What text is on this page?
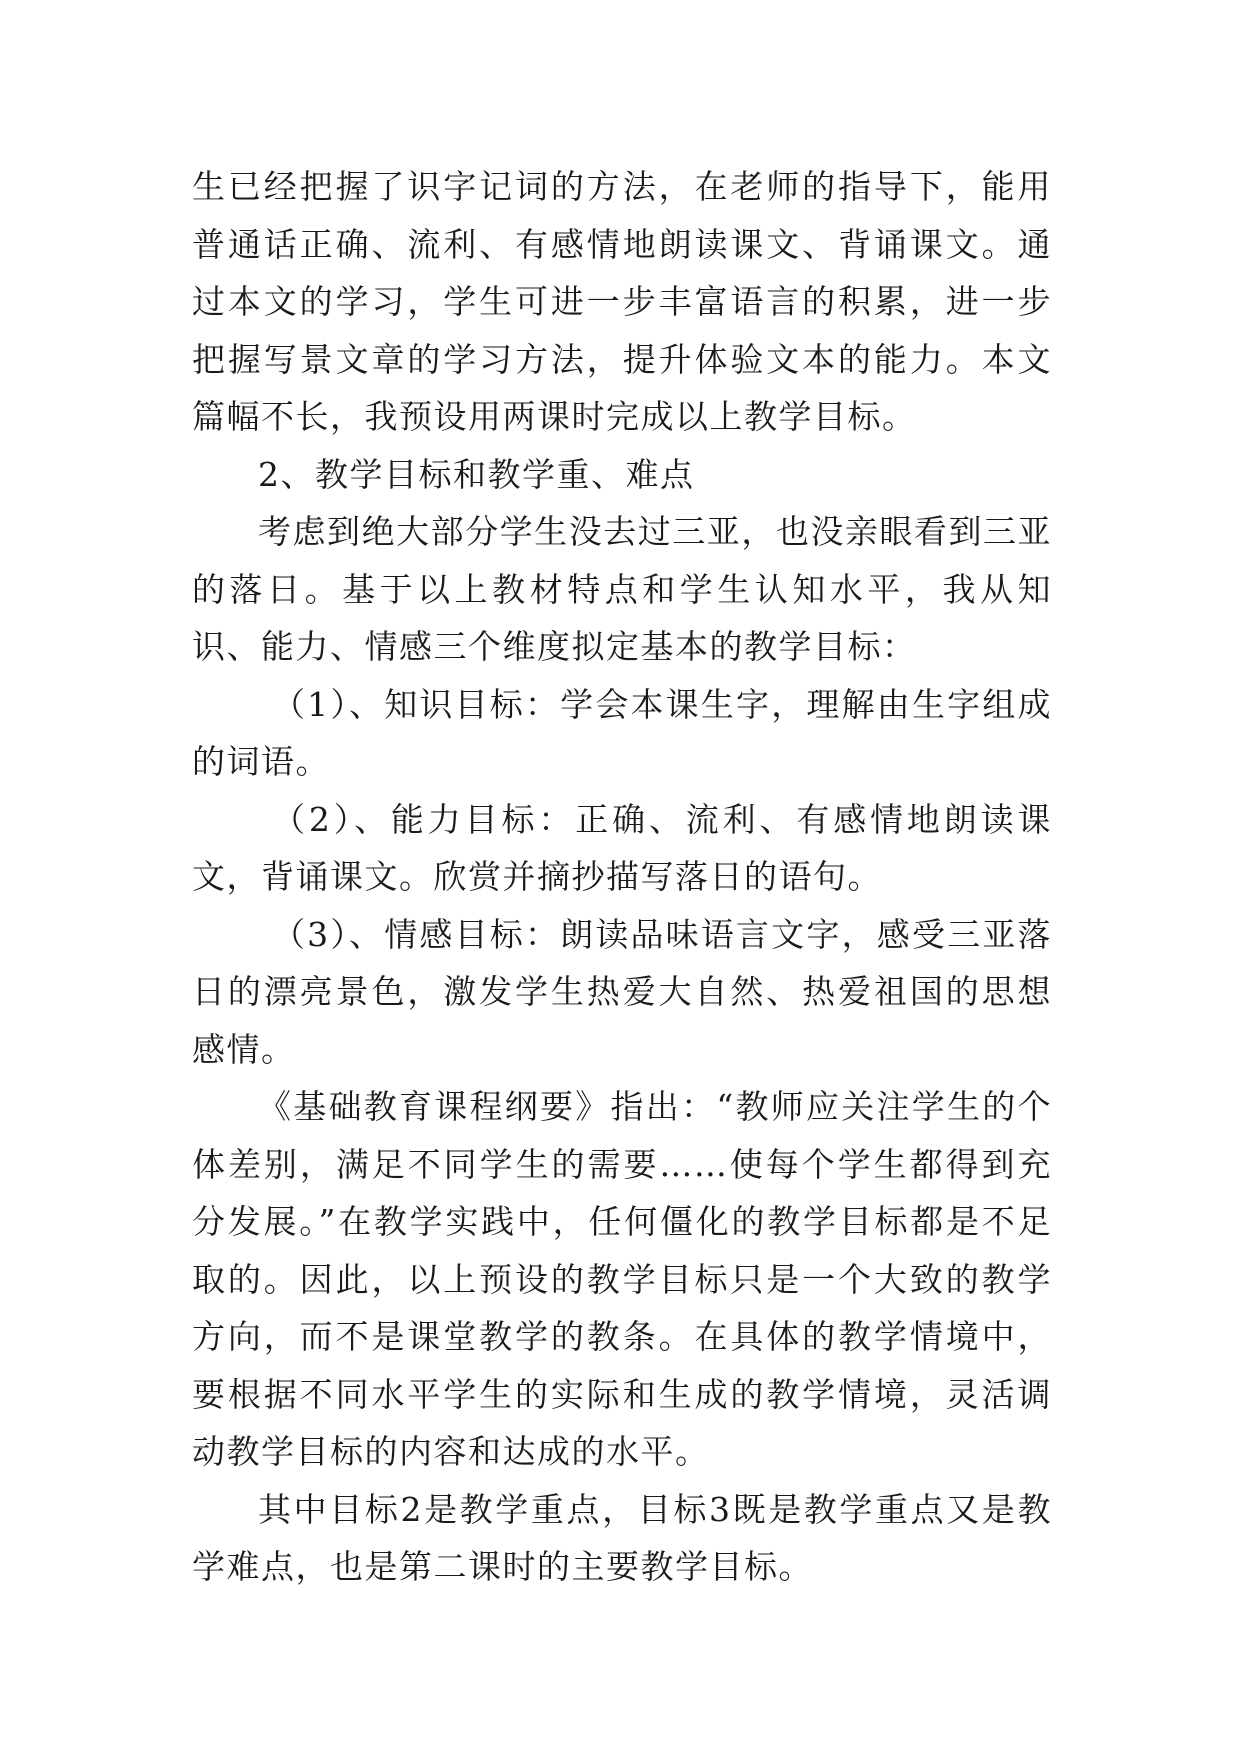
生已经把握了识字记词的方法，在老师的指导下，能用普通话正确、流利、有感情地朗读课文、背诵课文。通过本文的学习，学生可进一步丰富语言的积累，进一步把握写景文章的学习方法，提升体验文本的能力。本文篇幅不长，我预设用两课时完成以上教学目标。

2、教学目标和教学重、难点

考虑到绝大部分学生没去过三亚，也没亲眼看到三亚的落日。基于以上教材特点和学生认知水平，我从知识、能力、情感三个维度拟定基本的教学目标：

（1）、知识目标：学会本课生字，理解由生字组成的词语。

（2）、能力目标：正确、流利、有感情地朗读课文，背诵课文。欣赏并摘抄描写落日的语句。

（3）、情感目标：朗读品味语言文字，感受三亚落日的漂亮景色，激发学生热爱大自然、热爱祖国的思想感情。

《基础教育课程纲要》指出：“教师应关注学生的个体差别，满足不同学生的需要……使每个学生都得到充分发展。”在教学实践中，任何僵化的教学目标都是不足取的。因此，以上预设的教学目标只是一个大致的教学方向，而不是课堂教学的教条。在具体的教学情境中，要根据不同水平学生的实际和生成的教学情境，灵活调动教学目标的内容和达成的水平。

其中目标2是教学重点，目标3既是教学重点又是教学难点，也是第二课时的主要教学目标。
